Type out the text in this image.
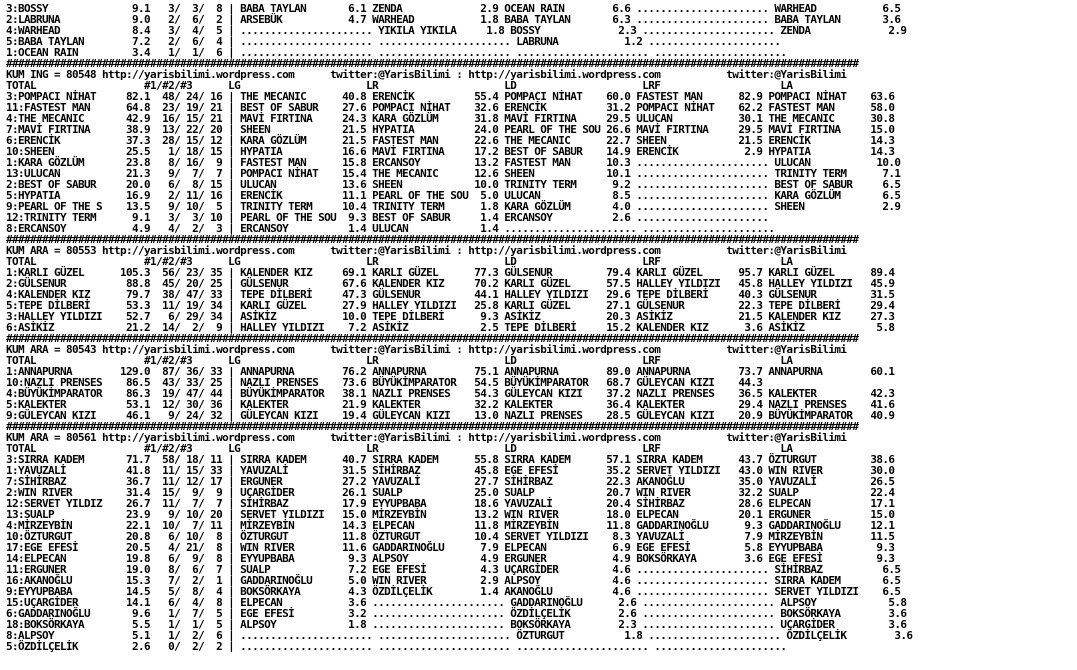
3:BOSSY              9.1   3/  3/  8 | BABA TAYLAN       6.1 ZENDA             2.9 OCEAN RAIN        6.6 ...................... WARHEAD           6.5
2:LABRUNA            9.0   2/  6/  2 | ARSEBÜK           4.7 WARHEAD           1.8 BABA TAYLAN       6.3 ...................... BABA TAYLAN       3.6
4:WARHEAD            8.4   3/  4/  5 | ...................... YIKILA YIKILA     1.8 BOSSY             2.3 ...................... ZENDA             2.9
5:BABA TAYLAN        7.2   2/  6/  4 | ...................... ...................... LABRUNA           1.2 ......................
1:OCEAN RAIN         3.4   1/  1/  6 | ...................... ...................... ...................... ......................
##############################################################################################################################################
KUM ING = 80548 http://yarisbilimi.wordpress.com      twitter:@YarisBilimi : http://yarisbilimi.wordpress.com           twitter:@YarisBilimi
TOTAL                  #1/#2/#3      LG                     LR                     LD                     LRF                    LA
3:POMPACI NİHAT     82.1  48/ 24/ 16 | THE MECANIC      40.8 ERENCİK          55.4 POMPACI NİHAT    60.0 FASTEST MAN      82.9 POMPACI NİHAT    63.6
11:FASTEST MAN      64.8  23/ 19/ 21 | BEST OF SABUR    27.6 POMPACI NİHAT    32.6 ERENCİK          31.2 POMPACI NİHAT    62.2 FASTEST MAN      58.0
4:THE MECANIC       42.9  16/ 15/ 21 | MAVİ FIRTINA     24.3 KARA GÖZLÜM      31.8 MAVİ FIRTINA     29.5 ULUCAN           30.1 THE MECANIC      30.8
7:MAVİ FIRTINA      38.9  13/ 22/ 20 | SHEEN            21.5 HYPATIA          24.0 PEARL OF THE SOU 26.6 MAVİ FIRTINA     29.5 MAVİ FIRTINA     15.0
6:ERENCİK           37.3  28/ 15/ 12 | KARA GÖZLÜM      21.5 FASTEST MAN      22.6 THE MECANIC      22.7 SHEEN            21.5 ERENCİK          14.3
10:SHEEN            25.5   1/ 18/ 15 | HYPATIA          16.6 MAVİ FIRTINA     17.2 BEST OF SABUR    14.9 ERENCİK           2.9 HYPATIA          14.3
1:KARA GÖZLÜM       23.8   8/ 16/  9 | FASTEST MAN      15.8 ERCANSOY         13.2 FASTEST MAN      10.3 ...................... ULUCAN           10.0
13:ULUCAN           21.3   9/  7/  7 | POMPACI NİHAT    15.4 THE MECANIC      12.6 SHEEN            10.1 ...................... TRINITY TERM      7.1
2:BEST OF SABUR     20.0   6/  8/ 15 | ULUCAN           13.6 SHEEN            10.0 TRINITY TERM      9.2 ...................... BEST OF SABUR     6.5
5:HYPATIA           16.9   2/ 11/ 16 | ERENCİK          11.1 PEARL OF THE SOU  5.0 ULUCAN            8.5 ...................... KARA GÖZLÜM       6.5
9:PEARL OF THE S    13.5   9/ 10/  5 | TRINITY TERM     10.4 TRINITY TERM      1.8 KARA GÖZLÜM       4.0 ...................... SHEEN             2.9
12:TRINITY TERM      9.1   3/  3/ 10 | PEARL OF THE SOU  9.3 BEST OF SABUR     1.4 ERCANSOY          2.6 ......................
8:ERCANSOY           4.9   4/  2/  3 | ERCANSOY          1.4 ULUCAN            1.4 ...................... ......................
##############################################################################################################################################
KUM ARA = 80553 http://yarisbilimi.wordpress.com      twitter:@YarisBilimi : http://yarisbilimi.wordpress.com           twitter:@YarisBilimi
TOTAL                  #1/#2/#3      LG                     LR                     LD                     LRF                    LA
1:KARLI GÜZEL      105.3  56/ 23/ 35 | KALENDER KIZ     69.1 KARLI GÜZEL      77.3 GÜLSENUR         79.4 KARLI GÜZEL      95.7 KARLI GÜZEL      89.4
2:GÜLSENUR          88.8  45/ 20/ 25 | GÜLSENUR         67.6 KALENDER KIZ     70.2 KARLI GÜZEL      57.5 HALLEY YILDIZI   45.8 HALLEY YILDIZI   45.9
4:KALENDER KIZ      79.7  38/ 47/ 33 | TEPE DİLBERİ     47.3 GÜLSENUR         44.1 HALLEY YILDIZI   29.6 TEPE DİLBERİ     40.3 GÜLSENUR         31.5
5:TEPE DİLBERİ      53.3  11/ 19/ 34 | KARLI GÜZEL      27.9 HALLEY YILDIZI   25.8 KARLI GÜZEL      27.1 GÜLSENUR         22.3 TEPE DİLBERİ     29.4
3:HALLEY YILDIZI    52.7   6/ 29/ 34 | ASİKİZ           10.0 TEPE DİLBERİ      9.3 ASİKİZ           20.3 ASİKİZ           21.5 KALENDER KIZ     27.3
6:ASİKİZ            21.2  14/  2/  9 | HALLEY YILDIZI    7.2 ASİKİZ            2.5 TEPE DİLBERİ     15.2 KALENDER KIZ      3.6 ASİKİZ            5.8
##############################################################################################################################################
KUM ARA = 80543 http://yarisbilimi.wordpress.com      twitter:@YarisBilimi : http://yarisbilimi.wordpress.com           twitter:@YarisBilimi
TOTAL                  #1/#2/#3      LG                     LR                     LD                     LRF                    LA
1:ANNAPURNA        129.0  87/ 36/ 33 | ANNAPURNA        76.2 ANNAPURNA        75.1 ANNAPURNA        89.0 ANNAPURNA        73.7 ANNAPURNA        60.1
10:NAZLI PRENSES    86.5  43/ 33/ 25 | NAZLI PRENSES    73.6 BÜYÜKİMPARATOR   54.5 BÜYÜKİMPARATOR   68.7 GÜLEYCAN KIZI    44.3
4:BÜYÜKİMPARATOR    86.3  19/ 47/ 44 | BÜYÜKİMPARATOR   38.1 NAZLI PRENSES    54.3 GÜLEYCAN KIZI    37.2 NAZLI PRENSES    36.5 KALEKTER         42.3
5:KALEKTER          53.1  12/ 30/ 36 | KALEKTER         21.9 KALEKTER         32.2 KALEKTER         36.4 KALEKTER         29.4 NAZLI PRENSES    41.6
9:GÜLEYCAN KIZI     46.1   9/ 24/ 32 | GÜLEYCAN KIZI    19.4 GÜLEYCAN KIZI    13.0 NAZLI PRENSES    28.5 GÜLEYCAN KIZI    20.9 BÜYÜKİMPARATOR   40.9
##############################################################################################################################################
KUM ARA = 80561 http://yarisbilimi.wordpress.com      twitter:@YarisBilimi : http://yarisbilimi.wordpress.com           twitter:@YarisBilimi
TOTAL                  #1/#2/#3      LG                     LR                     LD                     LRF                    LA
3:SIRRA KADEM       71.7  58/ 18/ 11 | SIRRA KADEM      40.7 SIRRA KADEM      55.8 SIRRA KADEM      57.1 SIRRA KADEM      43.7 ÖZTURGUT         38.6
1:YAVUZALİ          41.8  11/ 15/ 33 | YAVUZALİ         31.5 SİHİRBAZ         45.8 EGE EFESİ        35.2 SERVET YILDIZI   43.0 WIN RIVER        30.0
7:SİHİRBAZ          36.7  11/ 12/ 17 | ERGUNER          27.2 YAVUZALİ         27.7 SİHİRBAZ         22.3 AKANOĞLU         35.0 YAVUZALİ         26.5
2:WIN RIVER         31.4  15/  9/  9 | UÇARGİDER        26.1 SUALP            25.0 SUALP            20.7 WIN RIVER        32.2 SUALP            22.4
12:SERVET YILDIZ    26.7  11/  7/  7 | SİHİRBAZ         17.9 EYYUPBABA        18.6 YAVUZALİ         20.4 SİHİRBAZ         28.6 ELPECAN          17.1
13:SUALP            23.9   9/ 10/ 20 | SERVET YILDIZI   15.0 MİRZEYBİN        13.2 WIN RIVER        18.0 ELPECAN          20.1 ERGUNER          15.0
4:MİRZEYBİN         22.1  10/  7/ 11 | MİRZEYBİN        14.3 ELPECAN          11.8 MİRZEYBİN        11.8 GADDARINOĞLU      9.3 GADDARINOĞLU     12.1
10:ÖZTURGUT         20.8   6/ 10/  8 | ÖZTURGUT         11.8 ÖZTURGUT         10.4 SERVET YILDIZI    8.3 YAVUZALİ          7.9 MİRZEYBİN        11.5
17:EGE EFESİ        20.5   4/ 21/  8 | WIN RIVER        11.6 GADDARINOĞLU      7.9 ELPECAN           6.9 EGE EFESİ         5.8 EYYUPBABA         9.3
14:ELPECAN          19.8   6/  9/  8 | EYYUPBABA         9.3 ALPSOY            4.9 ERGUNER           4.9 BOKSÖRKAYA        3.6 EGE EFESİ         9.3
11:ERGUNER          19.0   8/  6/  7 | SUALP             7.2 EGE EFESİ         4.3 UÇARGİDER         4.6 ...................... SİHİRBAZ          6.5
16:AKANOĞLU         15.3   7/  2/  1 | GADDARINOĞLU      5.0 WIN RIVER         2.9 ALPSOY            4.6 ...................... SIRRA KADEM       6.5
9:EYYUPBABA         14.5   5/  8/  4 | BOKSÖRKAYA        4.3 ÖZDİLÇELİK        1.4 AKANOĞLU          4.6 ...................... SERVET YILDIZI    6.5
15:UÇARGİDER        14.1   6/  4/  8 | ELPECAN           3.6 ...................... GADDARINOĞLU      2.6 ...................... ALPSOY            5.8
6:GADDARINOĞLU       9.6   1/  7/  5 | EGE EFESİ         3.2 ...................... ÖZDİLÇELİK        2.6 ...................... BOKSÖRKAYA        3.6
18:BOKSÖRKAYA        5.5   1/  1/  5 | ALPSOY            1.8 ...................... BOKSÖRKAYA        2.3 ...................... UÇARGİDER         3.6
8:ALPSOY             5.1   1/  2/  6 | ...................... ...................... ÖZTURGUT          1.8 ...................... ÖZDİLÇELİK        3.6
5:ÖZDİLÇELİK         2.6   0/  2/  2 | ...................... ...................... ...................... ......................
